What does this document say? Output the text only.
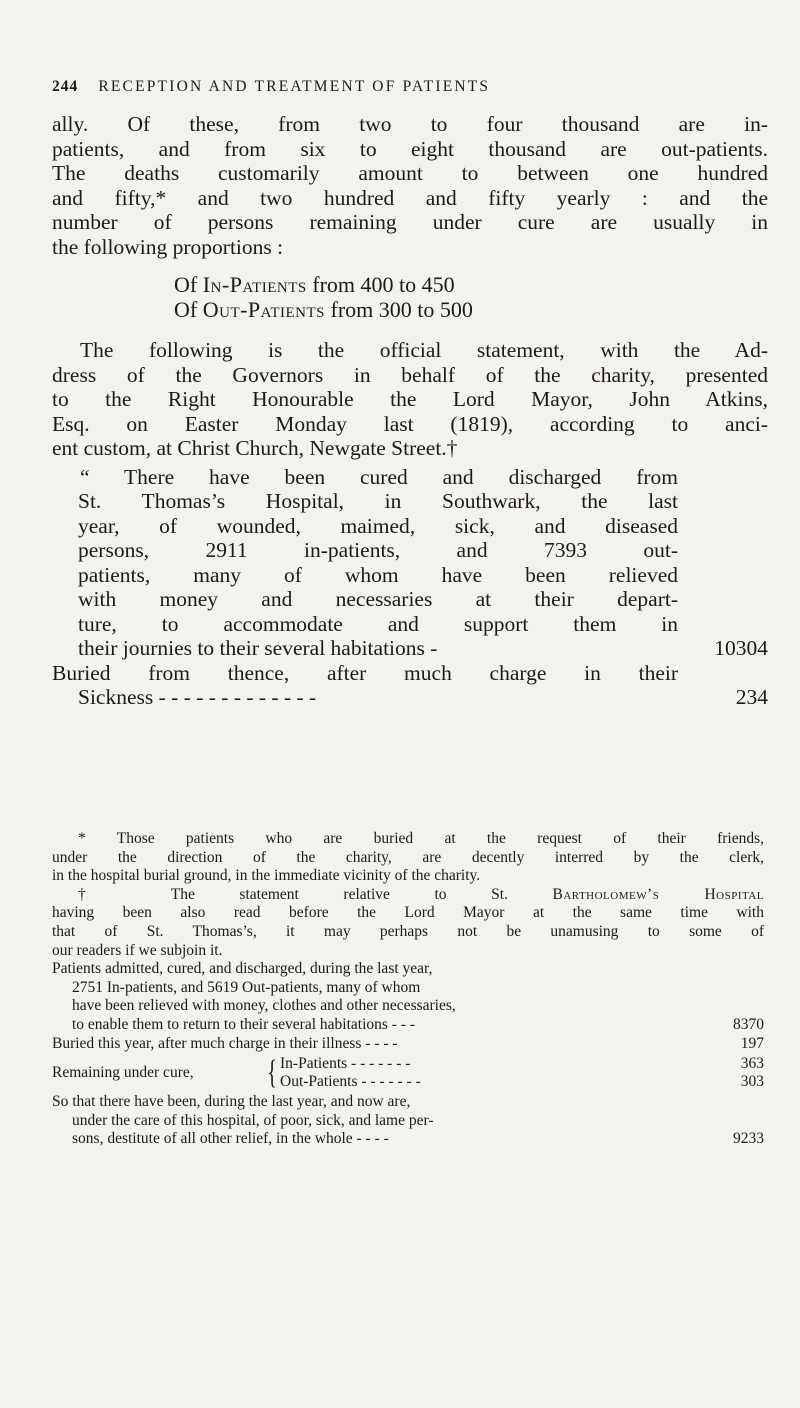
244 RECEPTION AND TREATMENT OF PATIENTS
ally. Of these, from two to four thousand are in-
patients, and from six to eight thousand are out-patients.
The deaths customarily amount to between one hundred
and fifty,* and two hundred and fifty yearly : and the
number of persons remaining under cure are usually in
the following proportions :
Of In-Patients from 400 to 450
Of Out-Patients from 300 to 500
The following is the official statement, with the Ad-
dress of the Governors in behalf of the charity, presented
to the Right Honourable the Lord Mayor, John Atkins,
Esq. on Easter Monday last (1819), according to anci-
ent custom, at Christ Church, Newgate Street.†
“ There have been cured and discharged from
St. Thomas’s Hospital, in Southwark, the last
year, of wounded, maimed, sick, and diseased
persons, 2911 in-patients, and 7393 out-
patients, many of whom have been relieved
with money and necessaries at their depart-
ture, to accommodate and support them in
their journies to their several habitations -	10304
Buried from thence, after much charge in their
Sickness - - - - - - - - - - - - -	234
* Those patients who are buried at the request of their friends,
under the direction of the charity, are decently interred by the clerk,
in the hospital burial ground, in the immediate vicinity of the charity.
† The statement relative to St. Bartholomew’s Hospital
having been also read before the Lord Mayor at the same time with
that of St. Thomas’s, it may perhaps not be unamusing to some of
our readers if we subjoin it.
Patients admitted, cured, and discharged, during the last year,
2751 In-patients, and 5619 Out-patients, many of whom
have been relieved with money, clothes and other necessaries,
to enable them to return to their several habitations - - -	8370
Buried this year, after much charge in their illness - - - -	197
Remaining under cure,	{ In-Patients - - - - - - -	363
Out-Patients - - - - - - -	303
So that there have been, during the last year, and now are,
under the care of this hospital, of poor, sick, and lame per-
sons, destitute of all other relief, in the whole - - - -	9233
